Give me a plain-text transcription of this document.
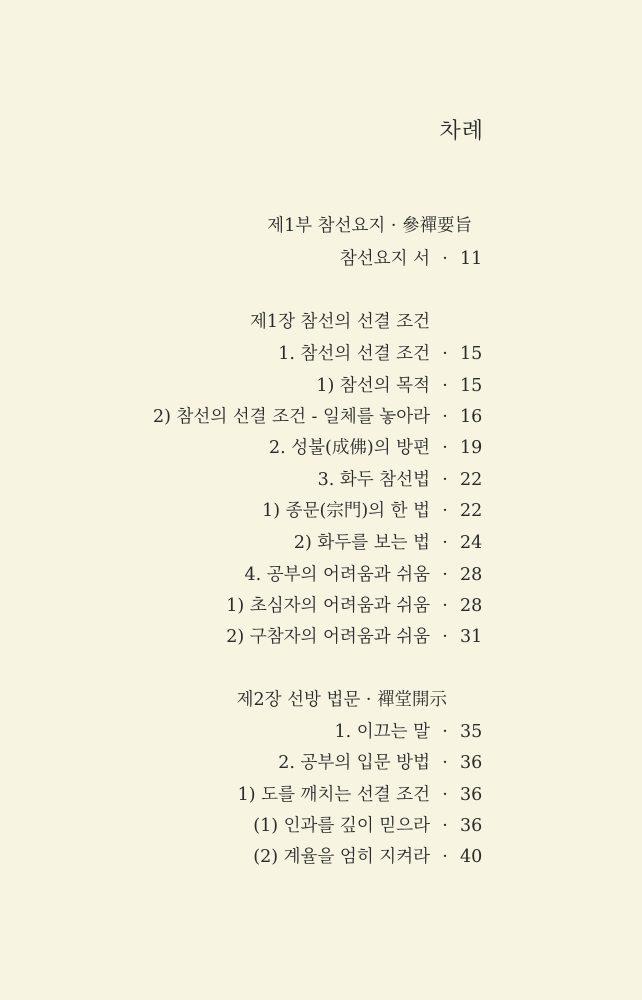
차례
제1부 참선요지 · 參禪要旨
참선요지 서 · 11
제1장 참선의 선결 조건
1. 참선의 선결 조건 · 15
1) 참선의 목적 · 15
2) 참선의 선결 조건 - 일체를 놓아라 · 16
2. 성불(成佛)의 방편 · 19
3. 화두 참선법 · 22
1) 종문(宗門)의 한 법 · 22
2) 화두를 보는 법 · 24
4. 공부의 어려움과 쉬움 · 28
1) 초심자의 어려움과 쉬움 · 28
2) 구참자의 어려움과 쉬움 · 31
제2장 선방 법문 · 禪堂開示
1. 이끄는 말 · 35
2. 공부의 입문 방법 · 36
1) 도를 깨치는 선결 조건 · 36
(1) 인과를 깊이 믿으라 · 36
(2) 계율을 엄히 지켜라 · 40
